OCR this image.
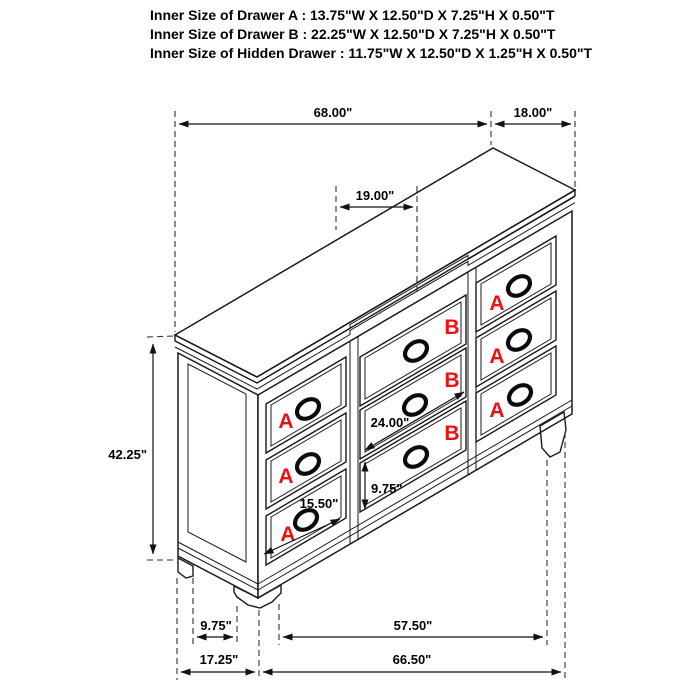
Inner Size of Drawer A : 13.75"W X 12.50"D X 7.25"H X 0.50"T
Inner Size of Drawer B : 22.25"W X 12.50"D X 7.25"H X 0.50"T
Inner Size of Hidden Drawer : 11.75"W X 12.50"D X 1.25"H X 0.50"T
A
A
A
B
B
B
A
A
A
68.00"	18.00"
19.00"
42.25"
24.00"
9.75"
15.50"
9.75"	57.50"
17.25"	66.50"
